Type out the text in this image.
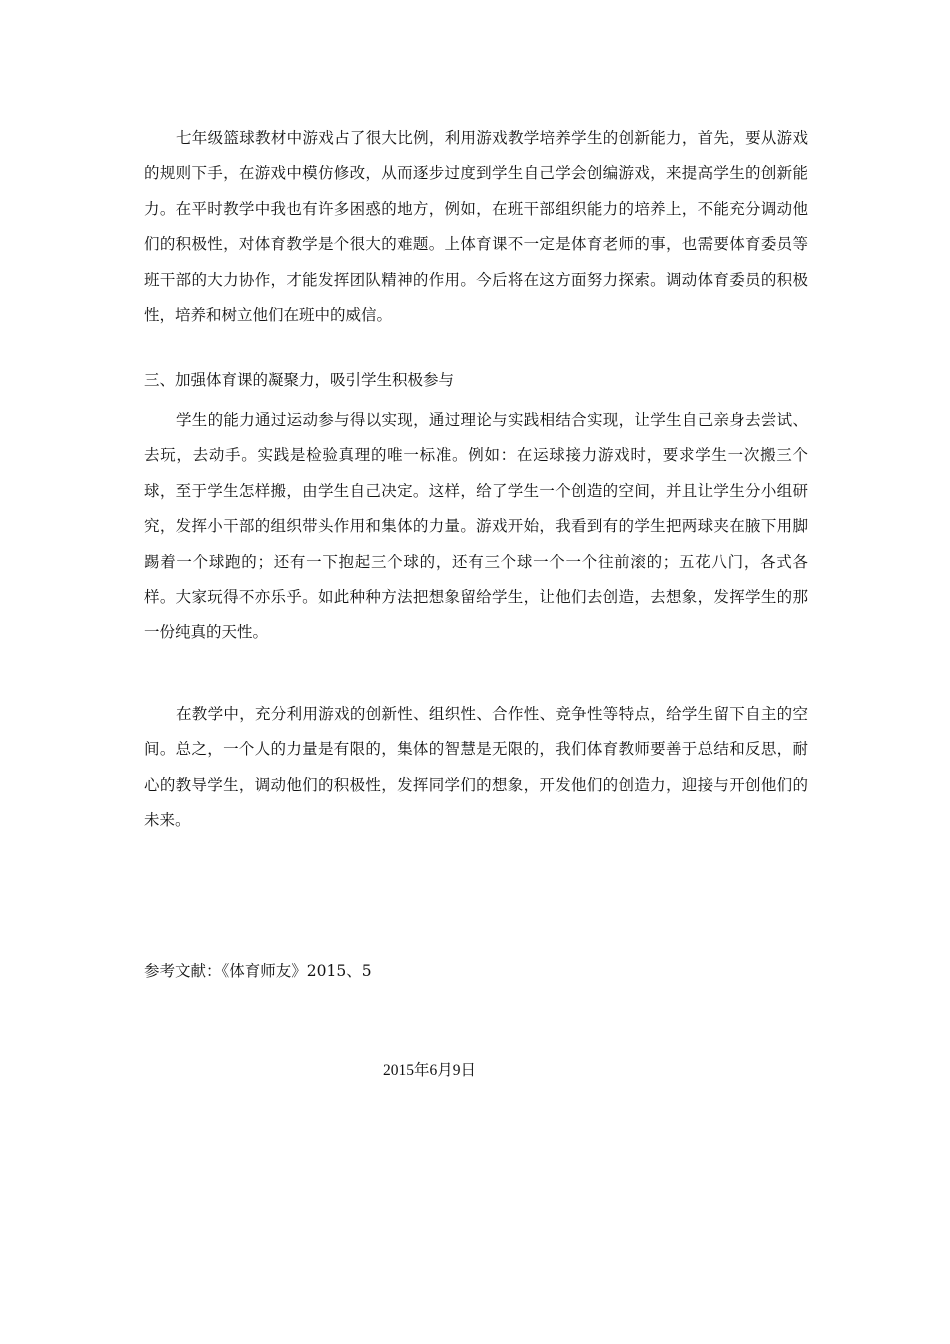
七年级篮球教材中游戏占了很大比例，利用游戏教学培养学生的创新能力，首先，要从游戏的规则下手，在游戏中模仿修改，从而逐步过度到学生自己学会创编游戏，来提高学生的创新能力。在平时教学中我也有许多困惑的地方，例如，在班干部组织能力的培养上，不能充分调动他们的积极性，对体育教学是个很大的难题。上体育课不一定是体育老师的事，也需要体育委员等班干部的大力协作，才能发挥团队精神的作用。今后将在这方面努力探索。调动体育委员的积极性，培养和树立他们在班中的威信。

三、加强体育课的凝聚力，吸引学生积极参与

学生的能力通过运动参与得以实现，通过理论与实践相结合实现，让学生自己亲身去尝试、去玩，去动手。实践是检验真理的唯一标准。例如：在运球接力游戏时，要求学生一次搬三个球，至于学生怎样搬，由学生自己决定。这样，给了学生一个创造的空间，并且让学生分小组研究，发挥小干部的组织带头作用和集体的力量。游戏开始，我看到有的学生把两球夹在腋下用脚踢着一个球跑的；还有一下抱起三个球的，还有三个球一个一个往前滚的；五花八门，各式各样。大家玩得不亦乐乎。如此种种方法把想象留给学生，让他们去创造，去想象，发挥学生的那一份纯真的天性。

在教学中，充分利用游戏的创新性、组织性、合作性、竞争性等特点，给学生留下自主的空间。总之，一个人的力量是有限的，集体的智慧是无限的，我们体育教师要善于总结和反思，耐心的教导学生，调动他们的积极性，发挥同学们的想象，开发他们的创造力，迎接与开创他们的未来。

参考文献：《体育师友》2015、5
2015年6月9日
